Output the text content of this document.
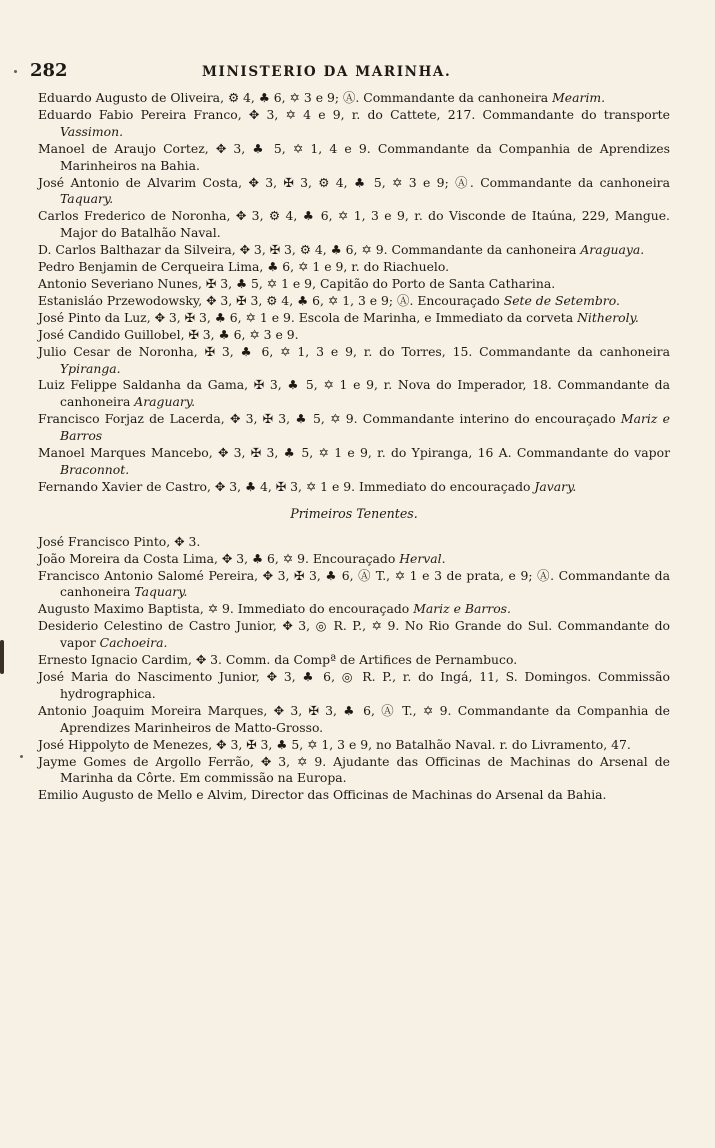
282	MINISTERIO DA MARINHA.
Eduardo Augusto de Oliveira, ⚙ 4, ♣ 6, ✡ 3 e 9; Ⓐ. Commandante da canhoneira Mearim.
Eduardo Fabio Pereira Franco, ✥ 3, ✡ 4 e 9, r. do Cattete, 217. Commandante do transporte Vassimon.
Manoel de Araujo Cortez, ✥ 3, ♣ 5, ✡ 1, 4 e 9. Commandante da Companhia de Aprendizes Marinheiros na Bahia.
José Antonio de Alvarim Costa, ✥ 3, ✠ 3, ⚙ 4, ♣ 5, ✡ 3 e 9; Ⓐ. Commandante da canhoneira Taquary.
Carlos Frederico de Noronha, ✥ 3, ⚙ 4, ♣ 6, ✡ 1, 3 e 9, r. do Visconde de Itaúna, 229, Mangue. Major do Batalhão Naval.
D. Carlos Balthazar da Silveira, ✥ 3, ✠ 3, ⚙ 4, ♣ 6, ✡ 9. Commandante da canhoneira Araguaya.
Pedro Benjamin de Cerqueira Lima, ♣ 6, ✡ 1 e 9, r. do Riachuelo.
Antonio Severiano Nunes, ✠ 3, ♣ 5, ✡ 1 e 9, Capitão do Porto de Santa Catharina.
Estanisláo Przewodowsky, ✥ 3, ✠ 3, ⚙ 4, ♣ 6, ✡ 1, 3 e 9; Ⓐ. Encouraçado Sete de Setembro.
José Pinto da Luz, ✥ 3, ✠ 3, ♣ 6, ✡ 1 e 9. Escola de Marinha, e Immediato da corveta Nitheroly.
José Candido Guillobel, ✠ 3, ♣ 6, ✡ 3 e 9.
Julio Cesar de Noronha, ✠ 3, ♣ 6, ✡ 1, 3 e 9, r. do Torres, 15. Commandante da canhoneira Ypiranga.
Luiz Felippe Saldanha da Gama, ✠ 3, ♣ 5, ✡ 1 e 9, r. Nova do Imperador, 18. Commandante da canhoneira Araguary.
Francisco Forjaz de Lacerda, ✥ 3, ✠ 3, ♣ 5, ✡ 9. Commandante interino do encouraçado Mariz e Barros
Manoel Marques Mancebo, ✥ 3, ✠ 3, ♣ 5, ✡ 1 e 9, r. do Ypiranga, 16 A. Commandante do vapor Braconnot.
Fernando Xavier de Castro, ✥ 3, ♣ 4, ✠ 3, ✡ 1 e 9. Immediato do encouraçado Javary.
Primeiros Tenentes.
José Francisco Pinto, ✥ 3.
João Moreira da Costa Lima, ✥ 3, ♣ 6, ✡ 9. Encouraçado Herval.
Francisco Antonio Salomé Pereira, ✥ 3, ✠ 3, ♣ 6, Ⓐ T., ✡ 1 e 3 de prata, e 9; Ⓐ. Commandante da canhoneira Taquary.
Augusto Maximo Baptista, ✡ 9. Immediato do encouraçado Mariz e Barros.
Desiderio Celestino de Castro Junior, ✥ 3, ◎ R. P., ✡ 9. No Rio Grande do Sul. Commandante do vapor Cachoeira.
Ernesto Ignacio Cardim, ✥ 3. Comm. da Compª de Artifices de Pernambuco.
José Maria do Nascimento Junior, ✥ 3, ♣ 6, ◎ R. P., r. do Ingá, 11, S. Domingos. Commissão hydrographica.
Antonio Joaquim Moreira Marques, ✥ 3, ✠ 3, ♣ 6, Ⓐ T., ✡ 9. Commandante da Companhia de Aprendizes Marinheiros de Matto-Grosso.
José Hippolyto de Menezes, ✥ 3, ✠ 3, ♣ 5, ✡ 1, 3 e 9, no Batalhão Naval. r. do Livramento, 47.
Jayme Gomes de Argollo Ferrão, ✥ 3, ✡ 9. Ajudante das Officinas de Machinas do Arsenal de Marinha da Côrte. Em commissão na Europa.
Emilio Augusto de Mello e Alvim, Director das Officinas de Machinas do Arsenal da Bahia.
